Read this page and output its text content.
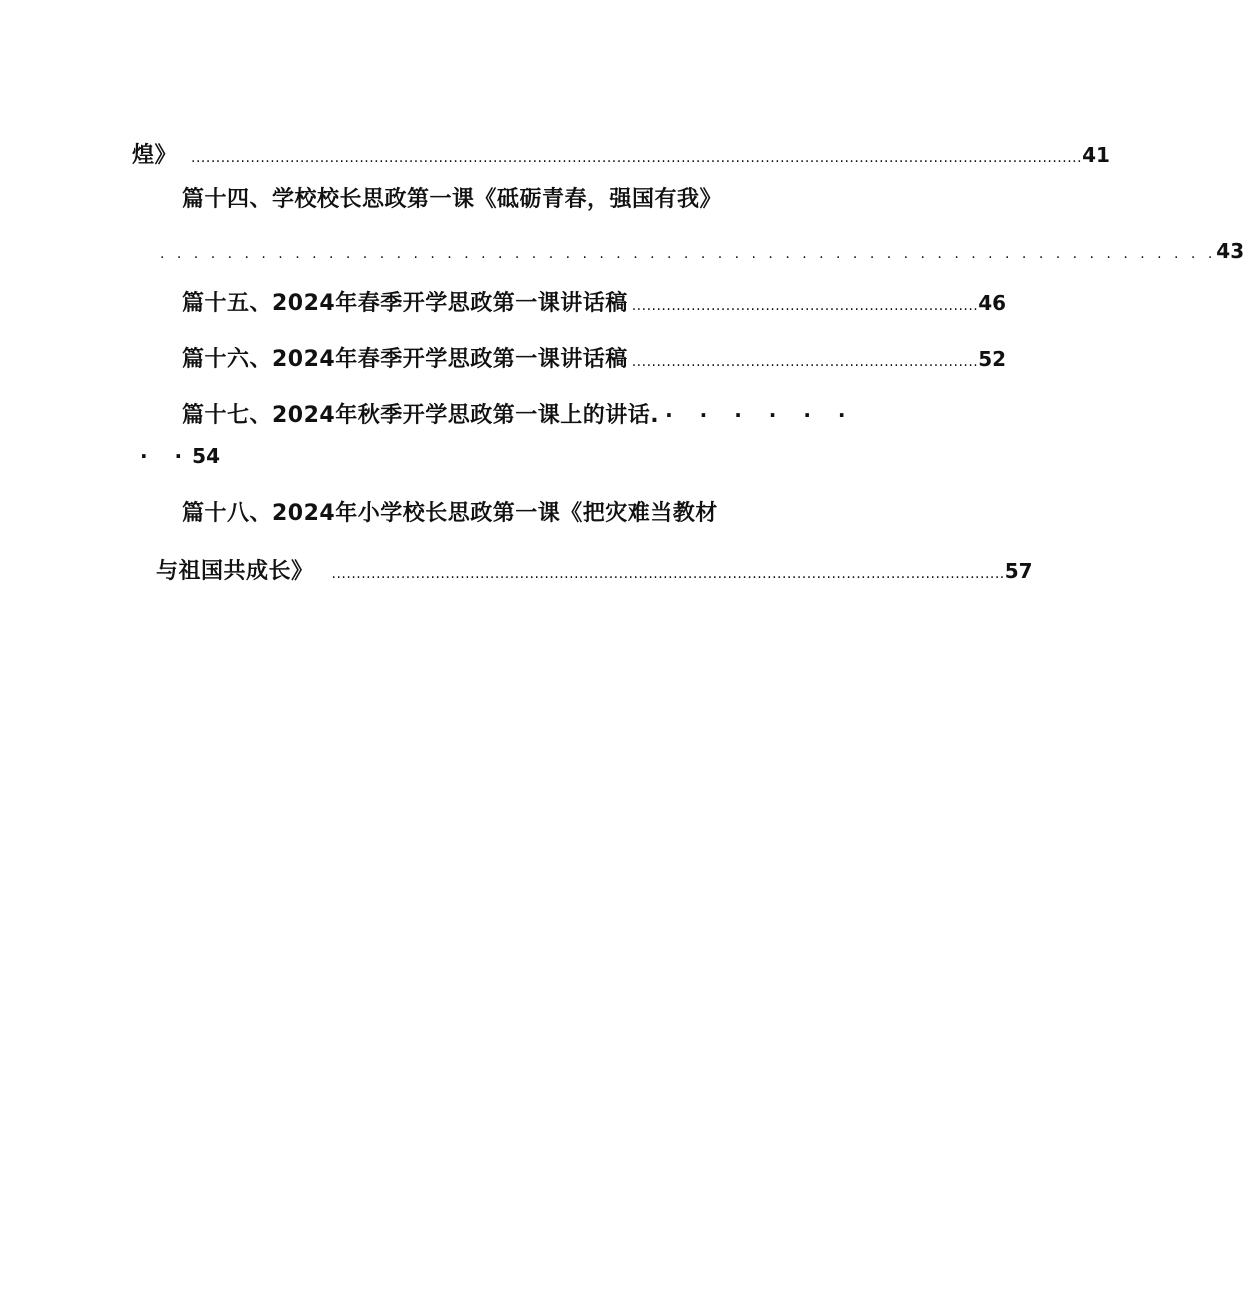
煌》 .................................................................................................................................................................................... 41
篇十四、学校校长思政第一课《砥砺青春，强国有我》
. . . . . . . . . . . . . . . . . . . . . . . . . . . . . . . . . . . . . . . . . . . . . . . . . . . . . . . . . . . . . . . 43
篇十五、2024年春季开学思政第一课讲话稿 ...................................................................... 46
篇十六、2024年春季开学思政第一课讲话稿 ...................................................................... 52
篇十七、2024年秋季开学思政第一课上的讲话. · · · · · ·
· · 54
篇十八、2024年小学校长思政第一课《把灾难当教材
与祖国共成长》 ........................................................................................................................................ 57
